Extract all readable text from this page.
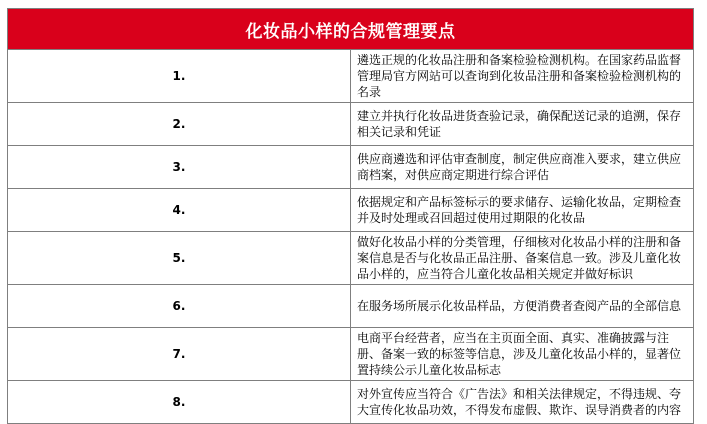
化妆品小样的合规管理要点	
1.	遴选正规的化妆品注册和备案检验检测机构。在国家药品监督管理局官方网站可以查询到化妆品注册和备案检验检测机构的名录
2.	建立并执行化妆品进货查验记录，确保配送记录的追溯，保存相关记录和凭证
3.	供应商遴选和评估审查制度，制定供应商准入要求，建立供应商档案，对供应商定期进行综合评估
4.	依据规定和产品标签标示的要求储存、运输化妆品，定期检查并及时处理或召回超过使用过期限的化妆品
5.	做好化妆品小样的分类管理，仔细核对化妆品小样的注册和备案信息是否与化妆品正品注册、备案信息一致。涉及儿童化妆品小样的，应当符合儿童化妆品相关规定并做好标识
6.	在服务场所展示化妆品样品，方便消费者查阅产品的全部信息
7.	电商平台经营者，应当在主页面全面、真实、准确披露与注册、备案一致的标签等信息，涉及儿童化妆品小样的，显著位置持续公示儿童化妆品标志
8.	对外宣传应当符合《广告法》和相关法律规定，不得违规、夸大宣传化妆品功效，不得发布虚假、欺诈、误导消费者的内容
